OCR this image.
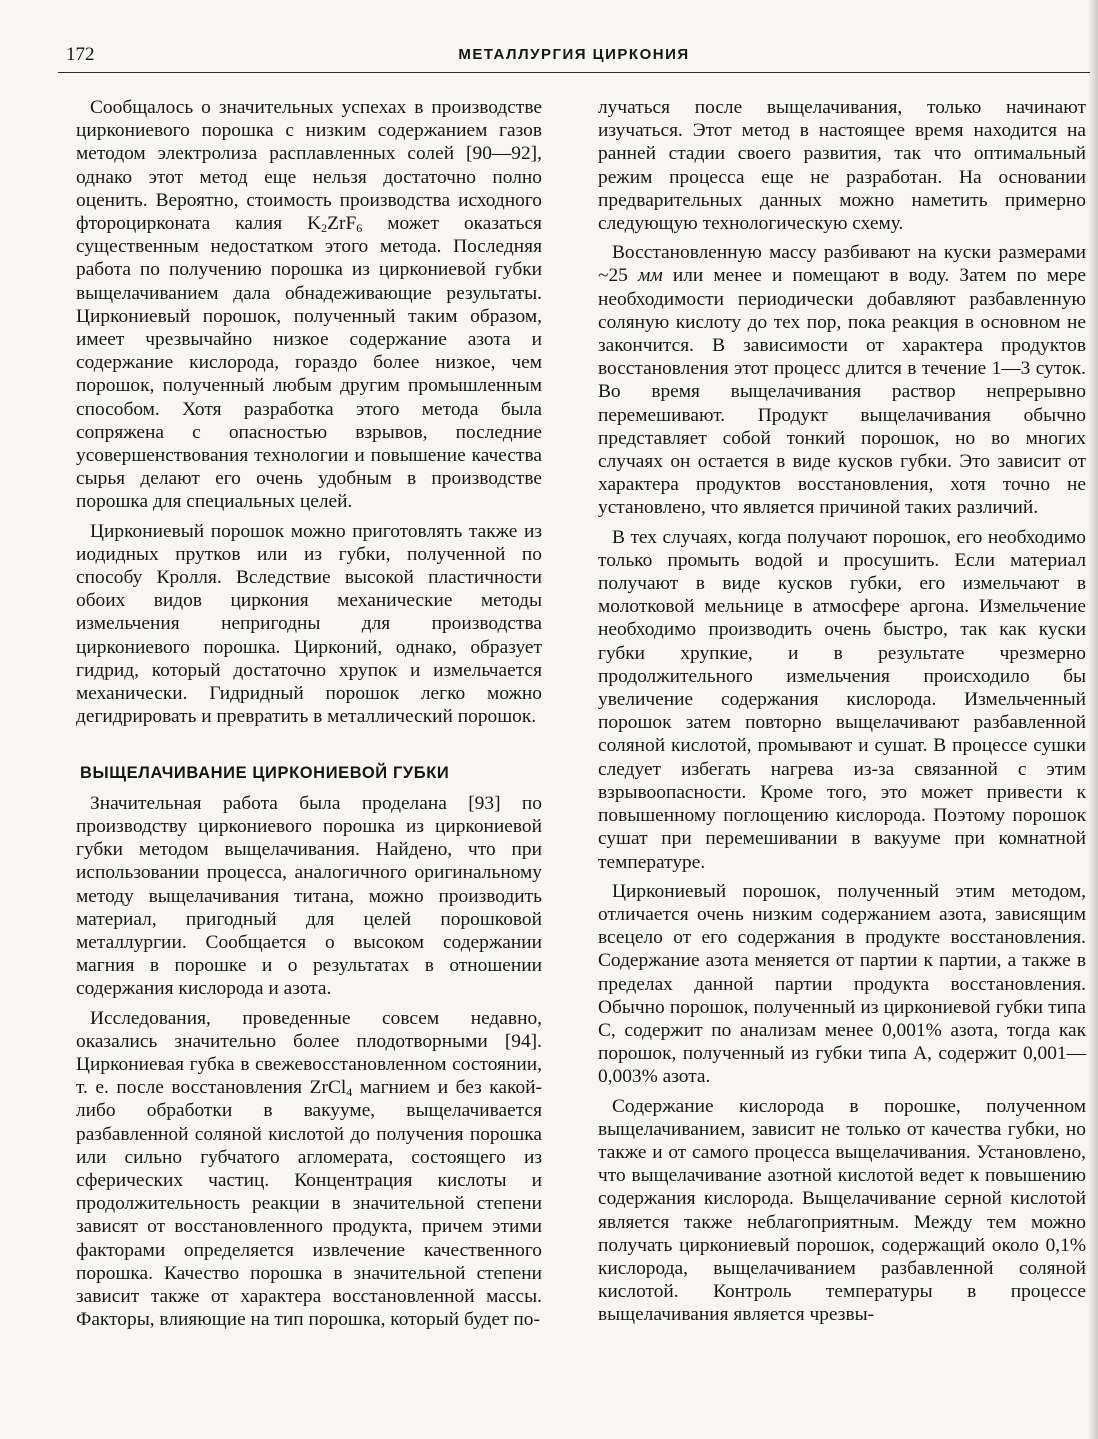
172	МЕТАЛЛУРГИЯ ЦИРКОНИЯ

Сообщалось о значительных успехах в производстве циркониевого порошка с низким содержанием газов методом электролиза расплавленных солей [90—92], однако этот метод еще нельзя достаточно полно оценить. Вероятно, стоимость производства исходного фтороцирконата калия $K_2ZrF_6$ может оказаться существенным недостатком этого метода. Последняя работа по получению порошка из циркониевой губки выщелачиванием дала обнадеживающие результаты. Циркониевый порошок, полученный таким образом, имеет чрезвычайно низкое содержание азота и содержание кислорода, гораздо более низкое, чем порошок, полученный любым другим промышленным способом. Хотя разработка этого метода была сопряжена с опасностью взрывов, последние усовершенствования технологии и повышение качества сырья делают его очень удобным в производстве порошка для специальных целей.

Циркониевый порошок можно приготовлять также из иодидных прутков или из губки, полученной по способу Кролля. Вследствие высокой пластичности обоих видов циркония механические методы измельчения непригодны для производства циркониевого порошка. Цирконий, однако, образует гидрид, который достаточно хрупок и измельчается механически. Гидридный порошок легко можно дегидрировать и превратить в металлический порошок.

ВЫЩЕЛАЧИВАНИЕ ЦИРКОНИЕВОЙ ГУБКИ

Значительная работа была проделана [93] по производству циркониевого порошка из циркониевой губки методом выщелачивания. Найдено, что при использовании процесса, аналогичного оригинальному методу выщелачивания титана, можно производить материал, пригодный для целей порошковой металлургии. Сообщается о высоком содержании магния в порошке и о результатах в отношении содержания кислорода и азота.

Исследования, проведенные совсем недавно, оказались значительно более плодотворными [94]. Циркониевая губка в свежевосстановленном состоянии, т. е. после восстановления ZrCl$_4$ магнием и без какой-либо обработки в вакууме, выщелачивается разбавленной соляной кислотой до получения порошка или сильно губчатого агломерата, состоящего из сферических частиц. Концентрация кислоты и продолжительность реакции в значительной степени зависят от восстановленного продукта, причем этими факторами определяется извлечение качественного порошка. Качество порошка в значительной степени зависит также от характера восстановленной массы. Факторы, влияющие на тип порошка, который будет по-

лучаться после выщелачивания, только начинают изучаться. Этот метод в настоящее время находится на ранней стадии своего развития, так что оптимальный режим процесса еще не разработан. На основании предварительных данных можно наметить примерно следующую технологическую схему.

Восстановленную массу разбивают на куски размерами ~25 мм или менее и помещают в воду. Затем по мере необходимости периодически добавляют разбавленную соляную кислоту до тех пор, пока реакция в основном не закончится. В зависимости от характера продуктов восстановления этот процесс длится в течение 1—3 суток. Во время выщелачивания раствор непрерывно перемешивают. Продукт выщелачивания обычно представляет собой тонкий порошок, но во многих случаях он остается в виде кусков губки. Это зависит от характера продуктов восстановления, хотя точно не установлено, что является причиной таких различий.

В тех случаях, когда получают порошок, его необходимо только промыть водой и просушить. Если материал получают в виде кусков губки, его измельчают в молотковой мельнице в атмосфере аргона. Измельчение необходимо производить очень быстро, так как куски губки хрупкие, и в результате чрезмерно продолжительного измельчения происходило бы увеличение содержания кислорода. Измельченный порошок затем повторно выщелачивают разбавленной соляной кислотой, промывают и сушат. В процессе сушки следует избегать нагрева из-за связанной с этим взрывоопасности. Кроме того, это может привести к повышенному поглощению кислорода. Поэтому порошок сушат при перемешивании в вакууме при комнатной температуре.

Циркониевый порошок, полученный этим методом, отличается очень низким содержанием азота, зависящим всецело от его содержания в продукте восстановления. Содержание азота меняется от партии к партии, а также в пределах данной партии продукта восстановления. Обычно порошок, полученный из циркониевой губки типа С, содержит по анализам менее 0,001% азота, тогда как порошок, полученный из губки типа А, содержит 0,001—0,003% азота.

Содержание кислорода в порошке, полученном выщелачиванием, зависит не только от качества губки, но также и от самого процесса выщелачивания. Установлено, что выщелачивание азотной кислотой ведет к повышению содержания кислорода. Выщелачивание серной кислотой является также неблагоприятным. Между тем можно получать циркониевый порошок, содержащий около 0,1% кислорода, выщелачиванием разбавленной соляной кислотой. Контроль температуры в процессе выщелачивания является чрезвы-
